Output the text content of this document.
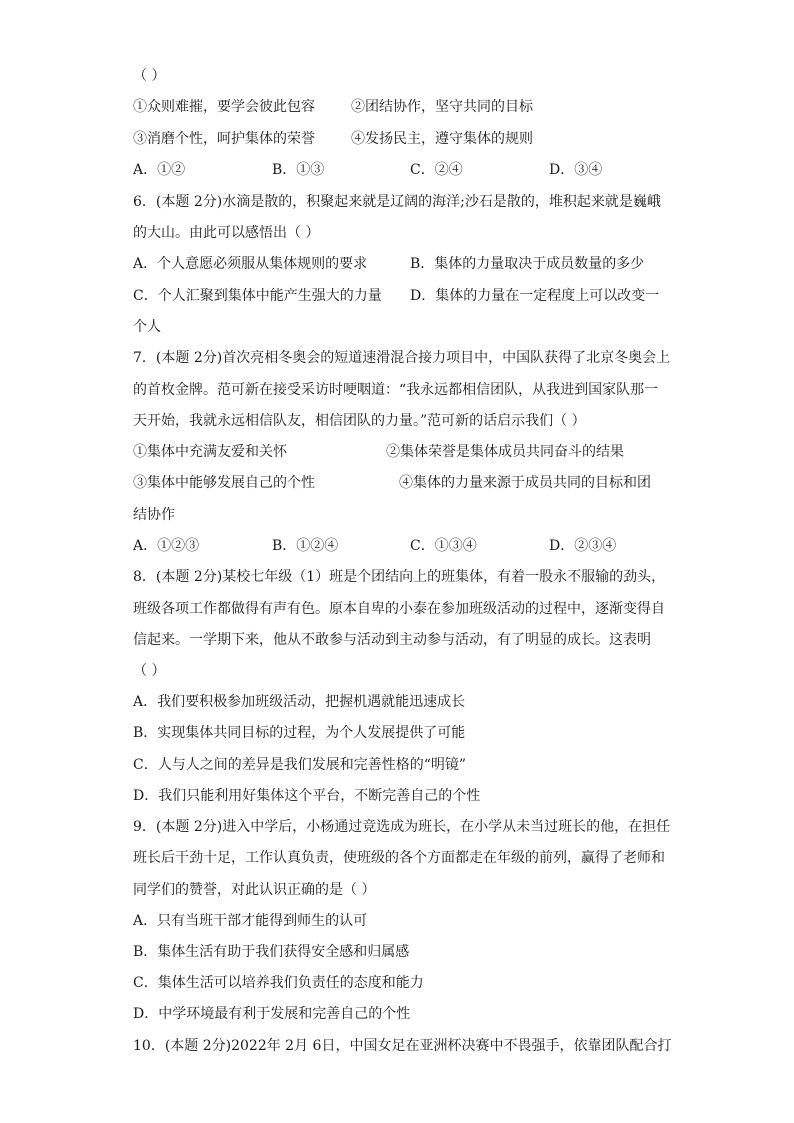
（ ）
①众则难摧，要学会彼此包容	②团结协作，坚守共同的目标
③消磨个性，呵护集体的荣誉	④发扬民主，遵守集体的规则
A．①②	B．①③	C．②④	D．③④
6．(本题 2分)水滴是散的，积聚起来就是辽阔的海洋;沙石是散的，堆积起来就是巍峨
的大山。由此可以感悟出（ ）
A．个人意愿必须服从集体规则的要求	B．集体的力量取决于成员数量的多少
C．个人汇聚到集体中能产生强大的力量 D．集体的力量在一定程度上可以改变一
个人
7．(本题 2分)首次亮相冬奥会的短道速滑混合接力项目中，中国队获得了北京冬奥会上
的首枚金牌。范可新在接受采访时哽咽道：“我永远都相信团队，从我进到国家队那一
天开始，我就永远相信队友，相信团队的力量。”范可新的话启示我们（ ）
①集体中充满友爱和关怀	②集体荣誉是集体成员共同奋斗的结果
③集体中能够发展自己的个性	④集体的力量来源于成员共同的目标和团
结协作
A．①②③	B．①②④	C．①③④	D．②③④
8．(本题 2分)某校七年级（1）班是个团结向上的班集体，有着一股永不服输的劲头，
班级各项工作都做得有声有色。原本自卑的小泰在参加班级活动的过程中，逐渐变得自
信起来。一学期下来，他从不敢参与活动到主动参与活动，有了明显的成长。这表明
（ ）
A．我们要积极参加班级活动，把握机遇就能迅速成长
B．实现集体共同目标的过程，为个人发展提供了可能
C．人与人之间的差异是我们发展和完善性格的“明镜”
D．我们只能利用好集体这个平台，不断完善自己的个性
9．(本题 2分)进入中学后，小杨通过竞选成为班长，在小学从未当过班长的他，在担任
班长后干劲十足，工作认真负责，使班级的各个方面都走在年级的前列，赢得了老师和
同学们的赞誉，对此认识正确的是（ ）
A．只有当班干部才能得到师生的认可
B．集体生活有助于我们获得安全感和归属感
C．集体生活可以培养我们负责任的态度和能力
D．中学环境最有利于发展和完善自己的个性
10．(本题 2分)2022年 2月 6日，中国女足在亚洲杯决赛中不畏强手，依靠团队配合打
